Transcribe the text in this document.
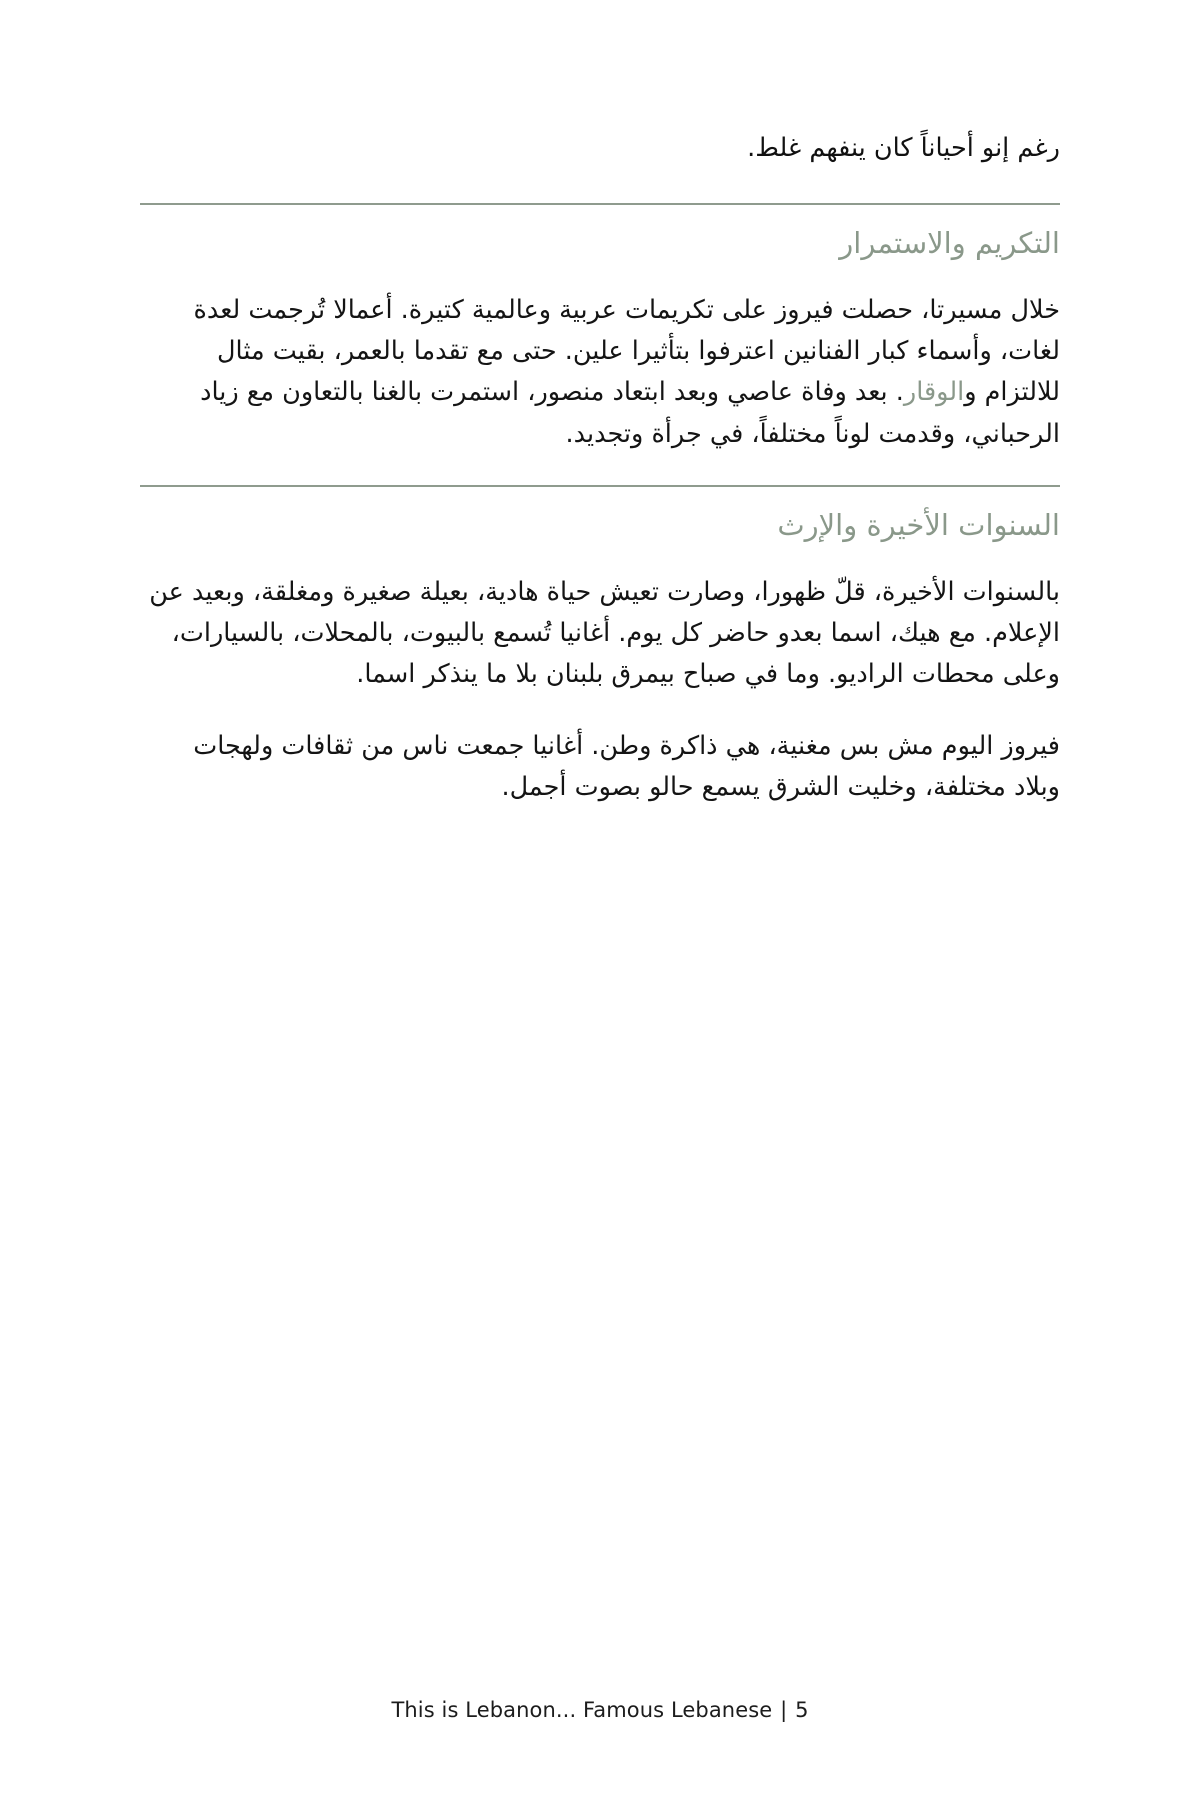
رغم إنو أحياناً كان ينفهم غلط.

التكريم والاستمرار

خلال مسيرتا، حصلت فيروز على تكريمات عربية وعالمية كتيرة. أعمالا تُرجمت لعدة لغات، وأسماء كبار الفنانين اعترفوا بتأثيرا علين. حتى مع تقدما بالعمر، بقيت مثال للالتزام والوقار. بعد وفاة عاصي وبعد ابتعاد منصور، استمرت بالغنا بالتعاون مع زياد الرحباني، وقدمت لوناً مختلفاً، في جرأة وتجديد.

السنوات الأخيرة والإرث

بالسنوات الأخيرة، قلّ ظهورا، وصارت تعيش حياة هادية، بعيلة صغيرة ومغلقة، وبعيد عن الإعلام. مع هيك، اسما بعدو حاضر كل يوم. أغانيا تُسمع بالبيوت، بالمحلات، بالسيارات، وعلى محطات الراديو. وما في صباح بيمرق بلبنان بلا ما ينذكر اسما.

فيروز اليوم مش بس مغنية، هي ذاكرة وطن. أغانيا جمعت ناس من ثقافات ولهجات وبلاد مختلفة، وخليت الشرق يسمع حالو بصوت أجمل.

This is Lebanon... Famous Lebanese | 5
